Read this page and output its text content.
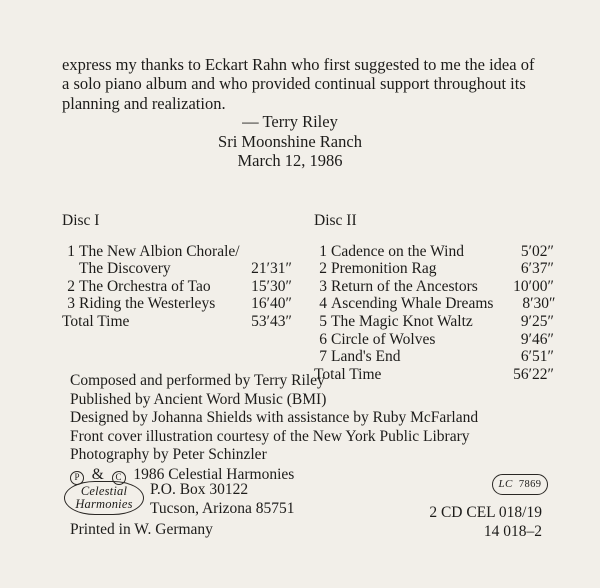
express my thanks to Eckart Rahn who first suggested to me the idea of a solo piano album and who provided continual support throughout its planning and realization.

— Terry Riley
Sri Moonshine Ranch
March 12, 1986
Disc I
1 The New Albion Chorale/
The Discovery	21′31″
2 The Orchestra of Tao	15′30″
3 Riding the Westerleys	16′40″
Total Time	53′43″
Disc II
1 Cadence on the Wind	5′02″
2 Premonition Rag	6′37″
3 Return of the Ancestors	10′00″
4 Ascending Whale Dreams	8′30″
5 The Magic Knot Waltz	9′25″
6 Circle of Wolves	9′46″
7 Land's End	6′51″
Total Time	56′22″
Composed and performed by Terry Riley
Published by Ancient Word Music (BMI)
Designed by Johanna Shields with assistance by Ruby McFarland
Front cover illustration courtesy of the New York Public Library
Photography by Peter Schinzler
P  &  C 1986 Celestial Harmonies
Celestial
Harmonies
P.O. Box 30122
Tucson, Arizona 85751
Printed in W. Germany
LC 7869
2 CD CEL 018/19
14 018–2
